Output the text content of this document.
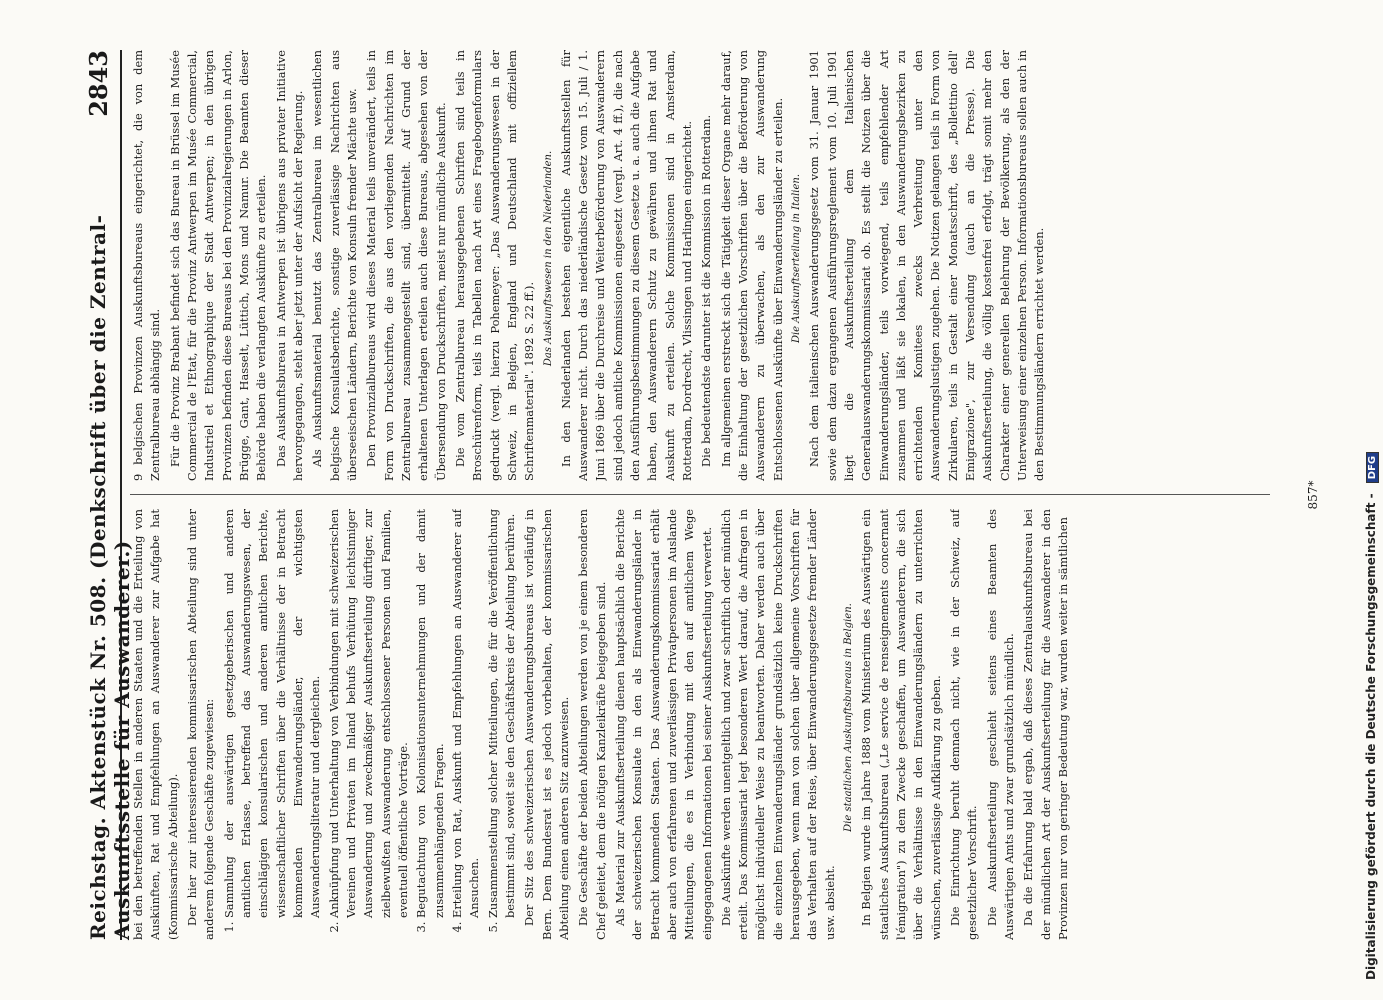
Reichstag. Aktenstück Nr. 508. (Denkschrift über die Zentral-Auskunftsstelle für Auswanderer.)
2843

bei den betreffenden Stellen in anderen Staaten und die Erteilung von Auskünften, Rat und Empfehlungen an Auswanderer zur Aufgabe hat (Kommissarische Abteilung). Der hier zur interessierenden kommissarischen Abteilung sind unter anderem folgende Geschäfte zugewiesen: 1. Sammlung der auswärtigen gesetzgeberischen und anderen amtlichen Erlasse, betreffend das Auswanderungswesen, der einschlägigen konsularischen und anderen amtlichen Berichte, wissenschaftlicher Schriften über die Verhältnisse der in Betracht kommenden Einwanderungsländer, der wichtigsten Auswanderungsliteratur und dergleichen. 2. Anknüpfung und Unterhaltung von Verbindungen mit schweizerischen Vereinen und Privaten im Inland behufs Verhütung leichtsinniger Auswanderung und zweckmäßiger Auskunftserteilung dürftiger, zur zielbewußten Auswanderung entschlossener Personen und Familien, eventuell öffentliche Vorträge. 3. Begutachtung von Kolonisationsunternehmungen und der damit zusammenhängenden Fragen. 4. Erteilung von Rat, Auskunft und Empfehlungen an Auswanderer auf Ansuchen. 5. Zusammenstellung solcher Mitteilungen, die für die Veröffentlichung bestimmt sind, soweit sie den Geschäftskreis der Abteilung berühren. Der Sitz des schweizerischen Auswanderungsbureaus ist vorläufig in Bern. Dem Bundesrat ist es jedoch vorbehalten, der kommissarischen Abteilung einen anderen Sitz anzuweisen. Die Geschäfte der beiden Abteilungen werden von je einem besonderen Chef geleitet, dem die nötigen Kanzleikräfte beigegeben sind. Als Material zur Auskunftserteilung dienen hauptsächlich die Berichte der schweizerischen Konsulate in den als Einwanderungsländer in Betracht kommenden Staaten. Das Auswanderungskommissariat erhält aber auch von erfahrenen und zuverlässigen Privatpersonen im Auslande Mitteilungen, die es in Verbindung mit den auf amtlichem Wege eingegangenen Informationen bei seiner Auskunftserteilung verwertet. Die Auskünfte werden unentgeltlich und zwar schriftlich oder mündlich erteilt. Das Kommissariat legt besonderen Wert darauf, die Anfragen in möglichst individueller Weise zu beantworten. Daher werden auch über die einzelnen Einwanderungsländer grundsätzlich keine Druckschriften herausgegeben, wenn man von solchen über allgemeine Vorschriften für das Verhalten auf der Reise, über Einwanderungsgesetze fremder Länder usw. absieht.

Die staatlichen Auskunftsbureaus in Belgien. In Belgien wurde im Jahre 1888 vom Ministerium des Auswärtigen ein staatliches Auskunftsbureau („Le service de renseignements concernant l'émigration") zu dem Zwecke geschaffen, um Auswanderern, die sich über die Verhältnisse in den Einwanderungsländern zu unterrichten wünschen, zuverlässige Aufklärung zu geben. Die Einrichtung beruht demnach nicht, wie in der Schweiz, auf gesetzlicher Vorschrift. Die Auskunftserteilung geschieht seitens eines Beamten des Auswärtigen Amts und zwar grundsätzlich mündlich. Da die Erfahrung bald ergab, daß dieses Zentralauskunftsbureau bei der mündlichen Art der Auskunftserteilung für die Auswanderer in den Provinzen nur von geringer Bedeutung war, wurden weiter in sämtlichen

9 belgischen Provinzen Auskunftsbureaus eingerichtet, die von dem Zentralbureau abhängig sind. Für die Provinz Brabant befindet sich das Bureau in Brüssel im Musée Commercial de l'Etat, für die Provinz Antwerpen im Musée Commercial, Industriel et Ethnographique der Stadt Antwerpen; in den übrigen Provinzen befinden diese Bureaus bei den Provinzialregierungen in Arlon, Brügge, Gant, Hasselt, Lüttich, Mons und Namur. Die Beamten dieser Behörde haben die verlangten Auskünfte zu erteilen. Das Auskunftsbureau in Antwerpen ist übrigens aus privater Initiative hervorgegangen, steht aber jetzt unter der Aufsicht der Regierung. Als Auskunftsmaterial benutzt das Zentralbureau im wesentlichen belgische Konsulatsberichte, sonstige zuverlässige Nachrichten aus überseeischen Ländern, Berichte von Konsuln fremder Mächte usw. Den Provinzialbureaus wird dieses Material teils unverändert, teils in Form von Druckschriften, die aus den vorliegenden Nachrichten im Zentralbureau zusammengestellt sind, übermittelt. Auf Grund der erhaltenen Unterlagen erteilen auch diese Bureaus, abgesehen von der Übersendung von Druckschriften, meist nur mündliche Auskunft. Die vom Zentralbureau herausgegebenen Schriften sind teils in Broschürenform, teils in Tabellen nach Art eines Fragebogenformulars gedruckt (vergl. hierzu Pohemeyer: „Das Auswanderungswesen in der Schweiz, in Belgien, England und Deutschland mit offiziellem Schriftenmaterial". 1892 S. 22 ff.).

Das Auskunftswesen in den Niederlanden. In den Niederlanden bestehen eigentliche Auskunftsstellen für Auswanderer nicht. Durch das niederländische Gesetz vom 15. Juli / 1. Juni 1869 über die Durchreise und Weiterbeförderung von Auswanderern sind jedoch amtliche Kommissionen eingesetzt (vergl. Art. 4 ff.), die nach den Ausführungsbestimmungen zu diesem Gesetze u. a. auch die Aufgabe haben, den Auswanderern Schutz zu gewähren und ihnen Rat und Auskunft zu erteilen. Solche Kommissionen sind in Amsterdam, Rotterdam, Dordrecht, Vlissingen und Harlingen eingerichtet. Die bedeutendste darunter ist die Kommission in Rotterdam. Im allgemeinen erstreckt sich die Tätigkeit dieser Organe mehr darauf, die Einhaltung der gesetzlichen Vorschriften über die Beförderung von Auswanderern zu überwachen, als den zur Auswanderung Entschlossenen Auskünfte über Einwanderungsländer zu erteilen. Die Auskunftserteilung in Italien. Nach dem italienischen Auswanderungsgesetz vom 31. Januar 1901 sowie dem dazu ergangenen Ausführungsreglement vom 10. Juli 1901 liegt die Auskunftserteilung dem Italienischen Generalauswanderungskommissariat ob. Es stellt die Notizen über die Einwanderungsländer, teils vorwiegend, teils empfehlender Art zusammen und läßt sie lokalen, in den Auswanderungsbezirken zu errichtenden Komitees zwecks Verbreitung unter den Auswanderungslustigen zugehen. Die Notizen gelangen teils in Form von Zirkularen, teils in Gestalt einer Monatsschrift, des „Bollettino dell' Emigrazione", zur Versendung (auch an die Presse). Die Auskunftserteilung, die völlig kostenfrei erfolgt, trägt somit mehr den Charakter einer generellen Belehrung der Bevölkerung, als den der Unterweisung einer einzelnen Person. Informationsbureaus sollen auch in den Bestimmungsländern errichtet werden.

857*	Digitalisierung gefördert durch die Deutsche Forschungsgemeinschaft - DFG
